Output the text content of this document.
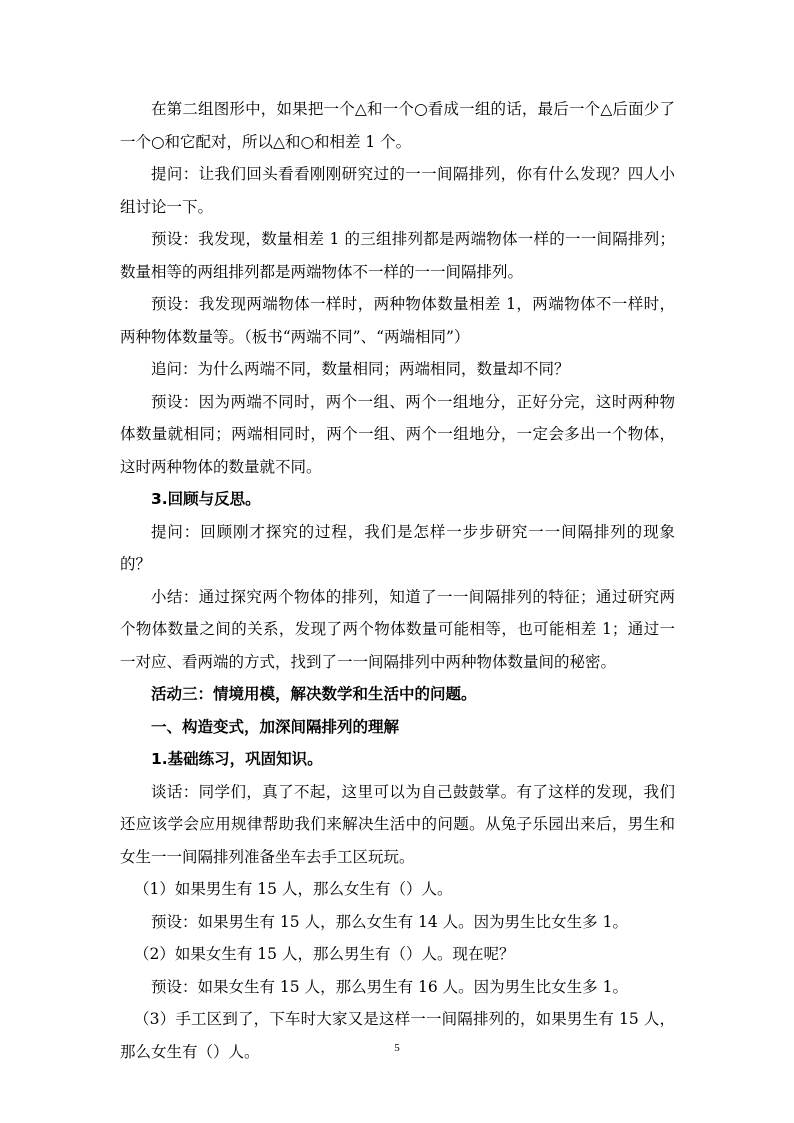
在第二组图形中，如果把一个△和一个○看成一组的话，最后一个△后面少了一个○和它配对，所以△和○和相差 1 个。

提问：让我们回头看看刚刚研究过的一一间隔排列，你有什么发现？四人小组讨论一下。

预设：我发现，数量相差 1 的三组排列都是两端物体一样的一一间隔排列；数量相等的两组排列都是两端物体不一样的一一间隔排列。

预设：我发现两端物体一样时，两种物体数量相差 1，两端物体不一样时，两种物体数量等。（板书“两端不同”、“两端相同”）

追问：为什么两端不同，数量相同；两端相同，数量却不同？

预设：因为两端不同时，两个一组、两个一组地分，正好分完，这时两种物体数量就相同；两端相同时，两个一组、两个一组地分，一定会多出一个物体，这时两种物体的数量就不同。

3.回顾与反思。

提问：回顾刚才探究的过程，我们是怎样一步步研究一一间隔排列的现象的？

小结：通过探究两个物体的排列，知道了一一间隔排列的特征；通过研究两个物体数量之间的关系，发现了两个物体数量可能相等，也可能相差 1；通过一一对应、看两端的方式，找到了一一间隔排列中两种物体数量间的秘密。

活动三：情境用模，解决数学和生活中的问题。

一、构造变式，加深间隔排列的理解

1.基础练习，巩固知识。

谈话：同学们，真了不起，这里可以为自己鼓鼓掌。有了这样的发现，我们还应该学会应用规律帮助我们来解决生活中的问题。从兔子乐园出来后，男生和女生一一间隔排列准备坐车去手工区玩玩。

（1）如果男生有 15 人，那么女生有（）人。

预设：如果男生有 15 人，那么女生有 14 人。因为男生比女生多 1。

（2）如果女生有 15 人，那么男生有（）人。现在呢？

预设：如果女生有 15 人，那么男生有 16 人。因为男生比女生多 1。

（3）手工区到了，下车时大家又是这样一一间隔排列的，如果男生有 15 人，那么女生有（）人。	5
